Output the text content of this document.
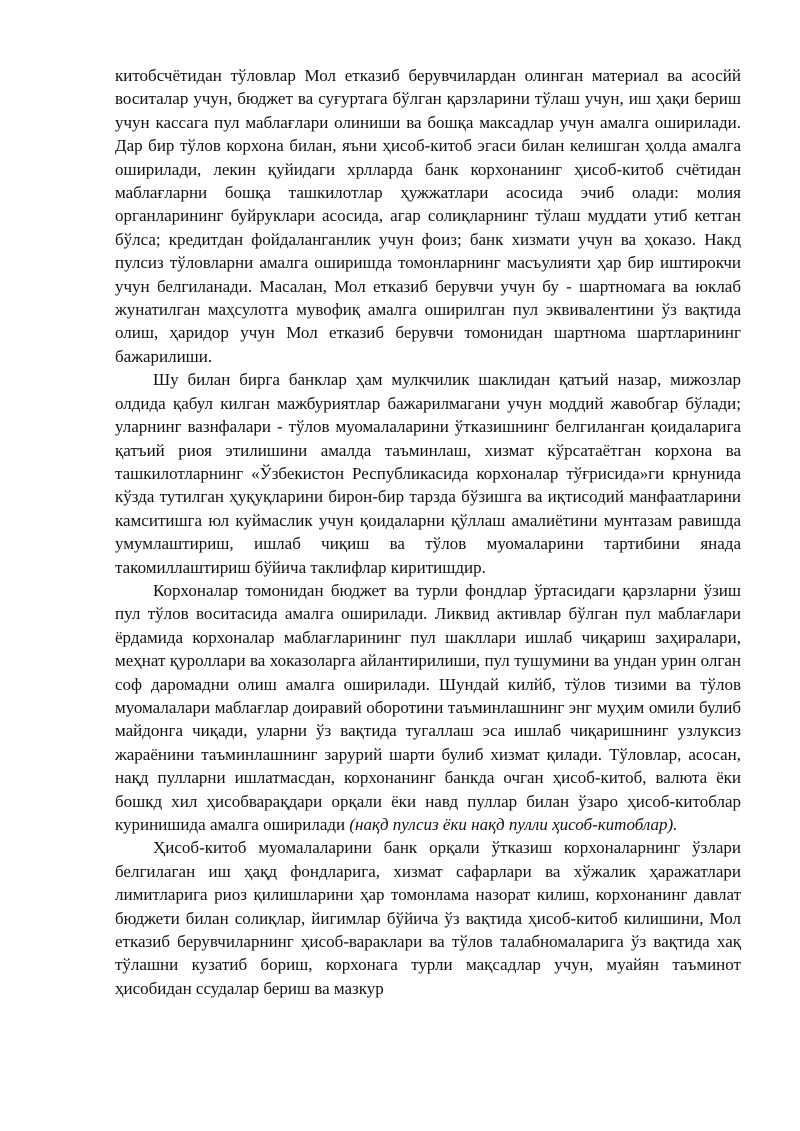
китобсчётидан тўловлар Мол етказиб берувчилардан олинган материал ва асосйй воситалар учун, бюджет ва суғуртага бўлган қарзларини тўлаш учун, иш ҳақи бериш учун кассага пул маблағлари олиниши ва бошқа максадлар учун амалга оширилади. Дар бир тўлов корхона билан, яъни ҳисоб-китоб эгаси билан келишган ҳолда амалга оширилади, лекин қуйидаги хрлларда банк корхонанинг ҳисоб-китоб счётидан маблағларни бошқа ташкилотлар ҳужжатлари асосида эчиб олади: молия органларининг буйруклари асосида, агар солиқларнинг тўлаш муддати утиб кетган бўлса; кредитдан фойдаланганлик учун фоиз; банк хизмати учун ва ҳоказо. Накд пулсиз тўловларни амалга оширишда томонларнинг масъулияти ҳар бир иштирокчи учун белгиланади. Масалан, Мол етказиб берувчи учун бу - шартномага ва юклаб жунатилган маҳсулотга мувофиқ амалга оширилган пул эквивалентини ўз вақтида олиш, ҳаридор учун Мол етказиб берувчи томонидан шартнома шартларининг бажарилиши.

Шу билан бирга банклар ҳам мулкчилик шаклидан қатъий назар, мижозлар олдида қабул килган мажбуриятлар бажарилмагани учун моддий жавобгар бўлади; уларнинг вазнфалари - тўлов муомалаларини ўтказишнинг белгиланган қоидаларига қатъий риоя этилишини амалда таъминлаш, хизмат кўрсатаётган корхона ва ташкилотларнинг «Ўзбекистон Республикасида корхоналар тўғрисида»ги крнунида кўзда тутилган ҳуқуқларини бирон-бир тарзда бўзишга ва иқтисодий манфаатларини камситишга юл куймаслик учун қоидаларни қўллаш амалиётини мунтазам равишда умумлаштириш, ишлаб чиқиш ва тўлов муомаларини тартибини янада такомиллаштириш бўйича таклифлар киритишдир.

Корхоналар томонидан бюджет ва турли фондлар ўртасидаги қарзларни ўзиш пул тўлов воситасида амалга оширилади. Ликвид активлар бўлган пул маблағлари ёрдамида корхоналар маблағларининг пул шакллари ишлаб чиқариш заҳиралари, меҳнат қуроллари ва хоказоларга айлантирилиши, пул тушумини ва ундан урин олган соф даромадни олиш амалга оширилади. Шундай килйб, тўлов тизими ва тўлов муомалалари маблағлар доиравий оборотини таъминлашнинг энг муҳим омили булиб майдонга чиқади, уларни ўз вақтида тугаллаш эса ишлаб чиқаришнинг узлуксиз жараёнини таъминлашнинг зарурий шарти булиб хизмат қилади. Тўловлар, асосан, нақд пулларни ишлатмасдан, корхонанинг банкда очган ҳисоб-китоб, валюта ёки бошкд хил ҳисобварақдари орқали ёки навд пуллар билан ўзаро ҳисоб-китоблар куринишида амалга оширилади (нақд пулсиз ёки нақд пулли ҳисоб-китоблар).

Ҳисоб-китоб муомалаларини банк орқали ўтказиш корхоналарнинг ўзлари белгилаган иш ҳақд фондларига, хизмат сафарлари ва хўжалик ҳаражатлари лимитларига риоз қилишларини ҳар томонлама назорат килиш, корхонанинг давлат бюджети билан солиқлар, йигимлар бўйича ўз вақтида ҳисоб-китоб килишини, Мол етказиб берувчиларнинг ҳисоб-вараклари ва тўлов талабномаларига ўз вақтида хақ тўлашни кузатиб бориш, корхонага турли мақсадлар учун, муайян таъминот ҳисобидан ссудалар бериш ва мазкур
